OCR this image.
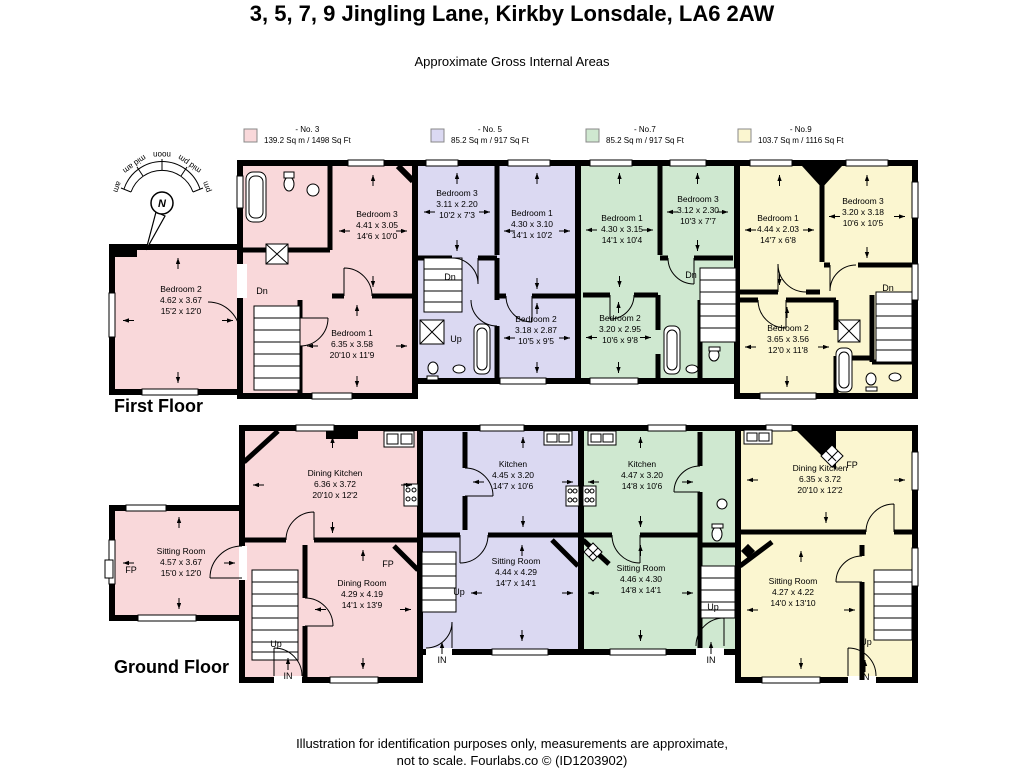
3, 5, 7, 9 Jingling Lane, Kirkby Lonsdale, LA6 2AW
Approximate Gross Internal Areas
- No. 3
139.2 Sq m / 1498 Sq Ft
- No. 5
85.2 Sq m / 917 Sq Ft
- No.7
85.2 Sq m / 917 Sq Ft
- No.9
103.7 Sq m / 1116 Sq Ft
N
am
mid am noon mid pm
pm
First Floor
Ground Floor
Bedroom 2
4.62 x 3.67
15'2 x 12'0
Bedroom 3
4.41 x 3.05
14'6 x 10'0
Bedroom 1
6.35 x 3.58
20'10 x 11'9
Bedroom 3
3.11 x 2.20
10'2 x 7'3	Bedroom 1
4.30 x 3.10
14'1 x 10'2
Bedroom 2
3.18 x 2.87
10'5 x 9'5
Bedroom 1
4.30 x 3.15
14'1 x 10'4
Bedroom 3
3.12 x 2.30
10'3 x 7'7
Bedroom 2
3.20 x 2.95
10'6 x 9'8
Bedroom 1
4.44 x 2.03
14'7 x 6'8
Bedroom 3
3.20 x 3.18
10'6 x 10'5
Bedroom 2
3.65 x 3.56
12'0 x 11'8
Dn
Dn
Up
Dn
Dn
Dining Kitchen
6.36 x 3.72
20'10 x 12'2
Sitting Room
4.57 x 3.67
15'0 x 12'0
Dining Room
4.29 x 4.19
14'1 x 13'9
Kitchen
4.45 x 3.20
14'7 x 10'6
Sitting Room
4.44 x 4.29
14'7 x 14'1
Kitchen
4.47 x 3.20
14'8 x 10'6
Sitting Room
4.46 x 4.30
14'8 x 14'1
Dining Kitchen
6.35 x 3.72
20'10 x 12'2
Sitting Room
4.27 x 4.22
14'0 x 13'10
FP
FP
FP
Up
Up
Up
Up
IN
IN	IN
IN
Illustration for identification purposes only, measurements are approximate,
not to scale. Fourlabs.co © (ID1203902)
